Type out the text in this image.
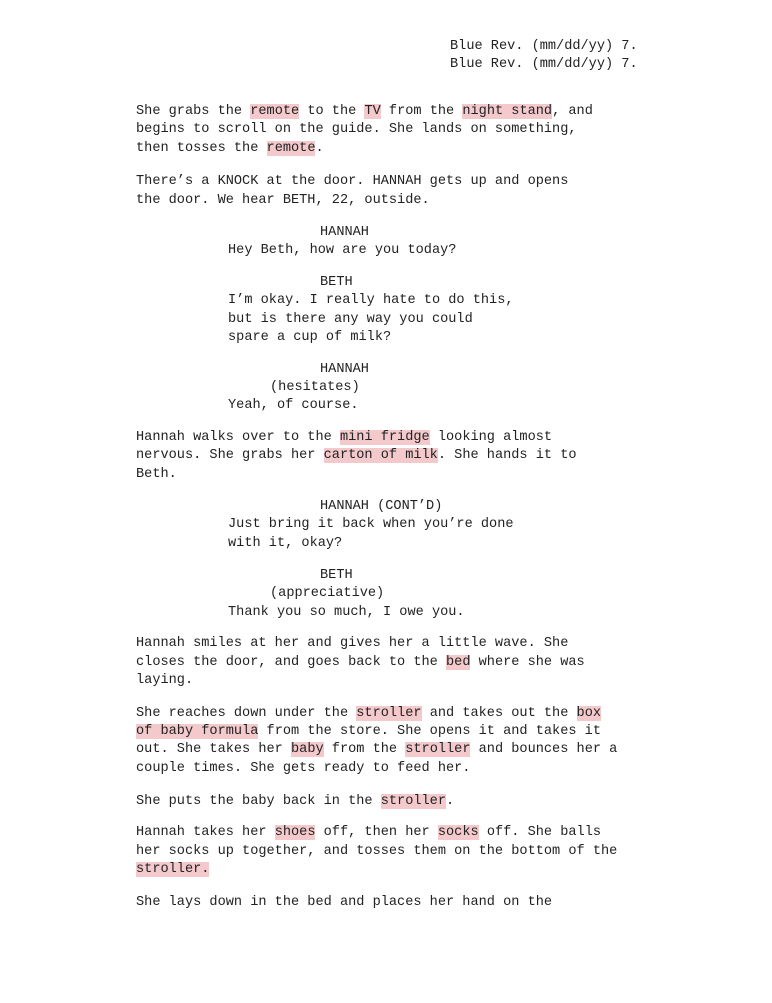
Blue Rev. (mm/dd/yy) 7.
Blue Rev. (mm/dd/yy) 7.
She grabs the remote to the TV from the night stand, and
begins to scroll on the guide. She lands on something,
then tosses the remote.
There’s a KNOCK at the door. HANNAH gets up and opens
the door. We hear BETH, 22, outside.
HANNAH
Hey Beth, how are you today?
BETH
I’m okay. I really hate to do this,
but is there any way you could
spare a cup of milk?
HANNAH
(hesitates)
Yeah, of course.
Hannah walks over to the mini fridge looking almost
nervous. She grabs her carton of milk. She hands it to
Beth.
HANNAH (CONT’D)
Just bring it back when you’re done
with it, okay?
BETH
(appreciative)
Thank you so much, I owe you.
Hannah smiles at her and gives her a little wave. She
closes the door, and goes back to the bed where she was
laying.
She reaches down under the stroller and takes out the box
of baby formula from the store. She opens it and takes it
out. She takes her baby from the stroller and bounces her a
couple times. She gets ready to feed her.
She puts the baby back in the stroller.
Hannah takes her shoes off, then her socks off. She balls
her socks up together, and tosses them on the bottom of the
stroller.
She lays down in the bed and places her hand on the
